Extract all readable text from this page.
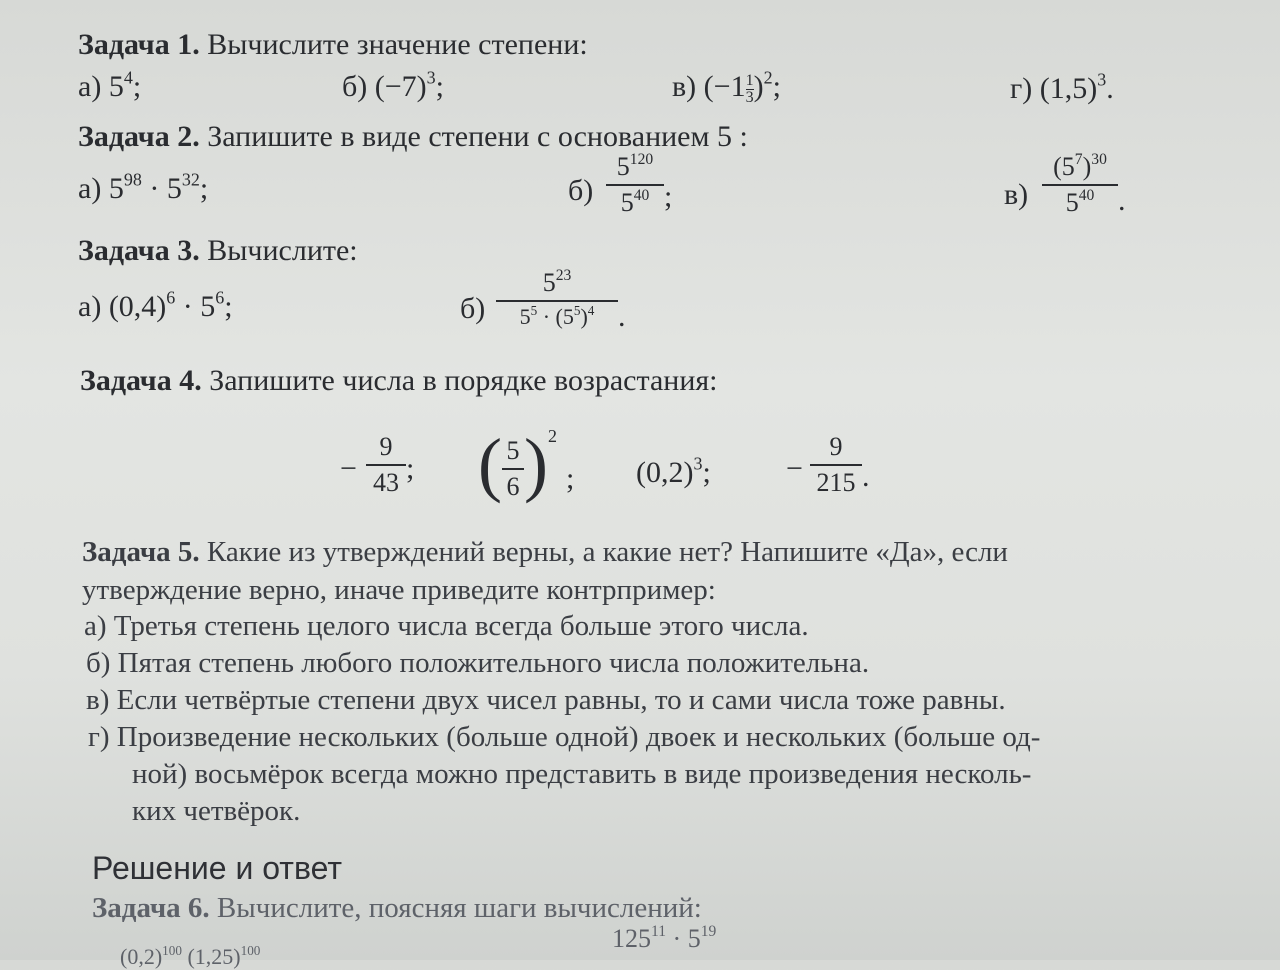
Задача 1. Вычислите значение степени:
а) $5^4$;	б) $(-7)^3$;	в) $(-1 \frac{1}{3} )^2$;	г) $(1,5)^3$.
Задача 2. Запишите в виде степени с основанием 5 :
а) $5^{98} \cdot 5^{32}$;	б)
$5^{120}$
$5^{40}$ ;	в)
$(5^7)^{30}$
$5^{40}$ .
Задача 3. Вычислите:
а) $(0,4)^6 \cdot 5^6$;	б)
$5^{23}$
$5^5 \cdot (5^5)^4$ .
Задача 4. Запишите числа в порядке возрастания:
−
9
43 ; ( 5
6 ) 2
; $(0,2)^3$;	−
9
215 .
Задача 5. Какие из утверждений верны, а какие нет? Напишите «Да», если
утверждение верно, иначе приведите контрпример:
а) Третья степень целого числа всегда больше этого числа.
б) Пятая степень любого положительного числа положительна.
в) Если четвёртые степени двух чисел равны, то и сами числа тоже равны.
г) Произведение нескольких (больше одной) двоек и нескольких (больше од-
ной) восьмёрок всегда можно представить в виде произведения несколь-
ких четвёрок.
Решение и ответ
Задача 6. Вычислите, поясняя шаги вычислений:
$125^{11} \cdot 5^{19}$
$(0,2)^{100}$ $(1,25)^{100}$
